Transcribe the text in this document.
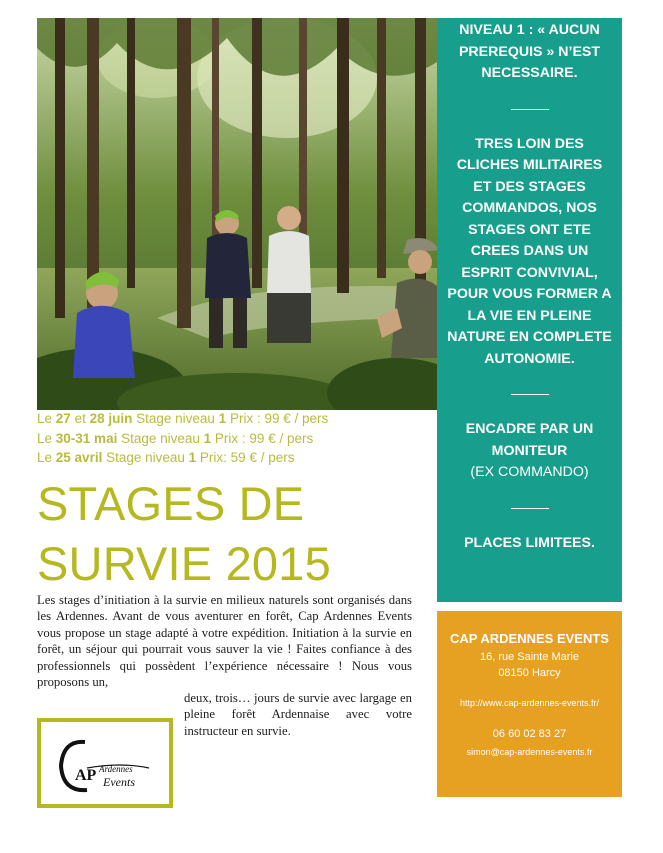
Le 27 et 28 juin Stage niveau 1 Prix : 99 € / pers
Le 30-31 mai Stage niveau 1 Prix : 99 € / pers
Le 25 avril Stage niveau 1 Prix: 59 € / pers
STAGES DE
SURVIE 2015
Les stages d’initiation à la survie en milieux naturels sont organisés dans les Ardennes. Avant de vous aventurer en forêt, Cap Ardennes Events vous propose un stage adapté à votre expédition. Initiation à la survie en forêt, un séjour qui pourrait vous sauver la vie ! Faites confiance à des professionnels qui possèdent l’expérience nécessaire ! Nous vous proposons un,
deux, trois… jours de survie avec largage en pleine forêt Ardennaise avec votre instructeur en survie.
AP Ardennes
Events

NIVEAU 1 : « AUCUN PREREQUIS » N’EST NECESSAIRE.

TRES LOIN DES CLICHES MILITAIRES ET DES STAGES COMMANDOS, NOS STAGES ONT ETE CREES DANS UN ESPRIT CONVIVIAL, POUR VOUS FORMER A LA VIE EN PLEINE NATURE EN COMPLETE AUTONOMIE.

ENCADRE PAR UN MONITEUR

(EX COMMANDO)

PLACES LIMITEES.

CAP ARDENNES EVENTS
16, rue Sainte Marie
08150 Harcy
http://www.cap-ardennes-events.fr/
06 60 02 83 27
simon@cap-ardennes-events.fr
